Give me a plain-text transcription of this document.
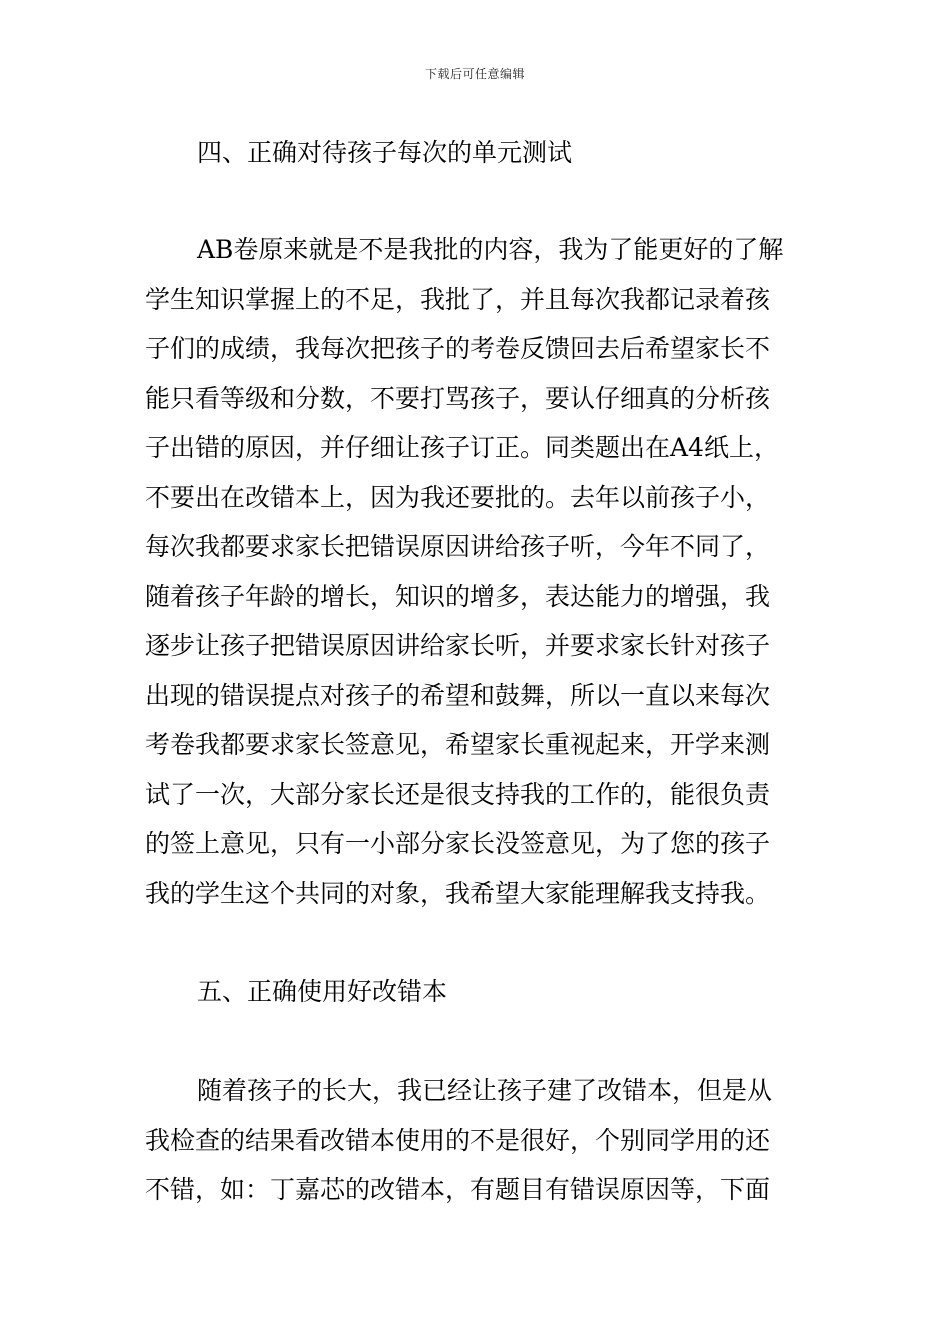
下载后可任意编辑
四、正确对待孩子每次的单元测试
AB卷原来就是不是我批的内容，我为了能更好的了解
学生知识掌握上的不足，我批了，并且每次我都记录着孩
子们的成绩，我每次把孩子的考卷反馈回去后希望家长不
能只看等级和分数，不要打骂孩子，要认仔细真的分析孩
子出错的原因，并仔细让孩子订正。同类题出在A4纸上，
不要出在改错本上，因为我还要批的。去年以前孩子小，
每次我都要求家长把错误原因讲给孩子听，今年不同了，
随着孩子年龄的增长，知识的增多，表达能力的增强，我
逐步让孩子把错误原因讲给家长听，并要求家长针对孩子
出现的错误提点对孩子的希望和鼓舞，所以一直以来每次
考卷我都要求家长签意见，希望家长重视起来，开学来测
试了一次，大部分家长还是很支持我的工作的，能很负责
的签上意见，只有一小部分家长没签意见，为了您的孩子
我的学生这个共同的对象，我希望大家能理解我支持我。
五、正确使用好改错本
随着孩子的长大，我已经让孩子建了改错本，但是从
我检查的结果看改错本使用的不是很好，个别同学用的还
不错，如：丁嘉芯的改错本，有题目有错误原因等，下面
